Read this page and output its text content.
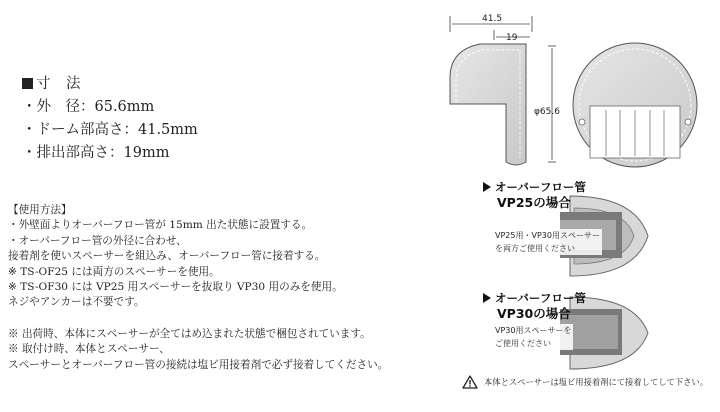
寸　法
・外　径：65.6mm
・ドーム部高さ：41.5mm
・排出部高さ：19mm
41.5
19
φ65.6
【使用方法】
・外壁面よりオーバーフロー管が 15mm 出た状態に設置する。
・オーバーフロー管の外径に合わせ、
接着剤を使いスペーサーを組込み、オーバーフロー管に接着する。
※ TS-OF25 には両方のスペーサーを使用。
※ TS-OF30 には VP25 用スペーサーを抜取り VP30 用のみを使用。
ネジやアンカーは不要です。
※ 出荷時、本体にスペーサーが全てはめ込まれた状態で梱包されています。
※ 取付け時、本体とスペーサー、
スペーサーとオーバーフロー管の接続は塩ビ用接着剤で必ず接着してください。
オーバーフロー管
VP25の場合
VP25用・VP30用スペーサー
を両方ご使用ください
オーバーフロー管
VP30の場合
VP30用スペーサーを
ご使用ください
本体とスペーサーは塩ビ用接着剤にて接着してして下さい。
